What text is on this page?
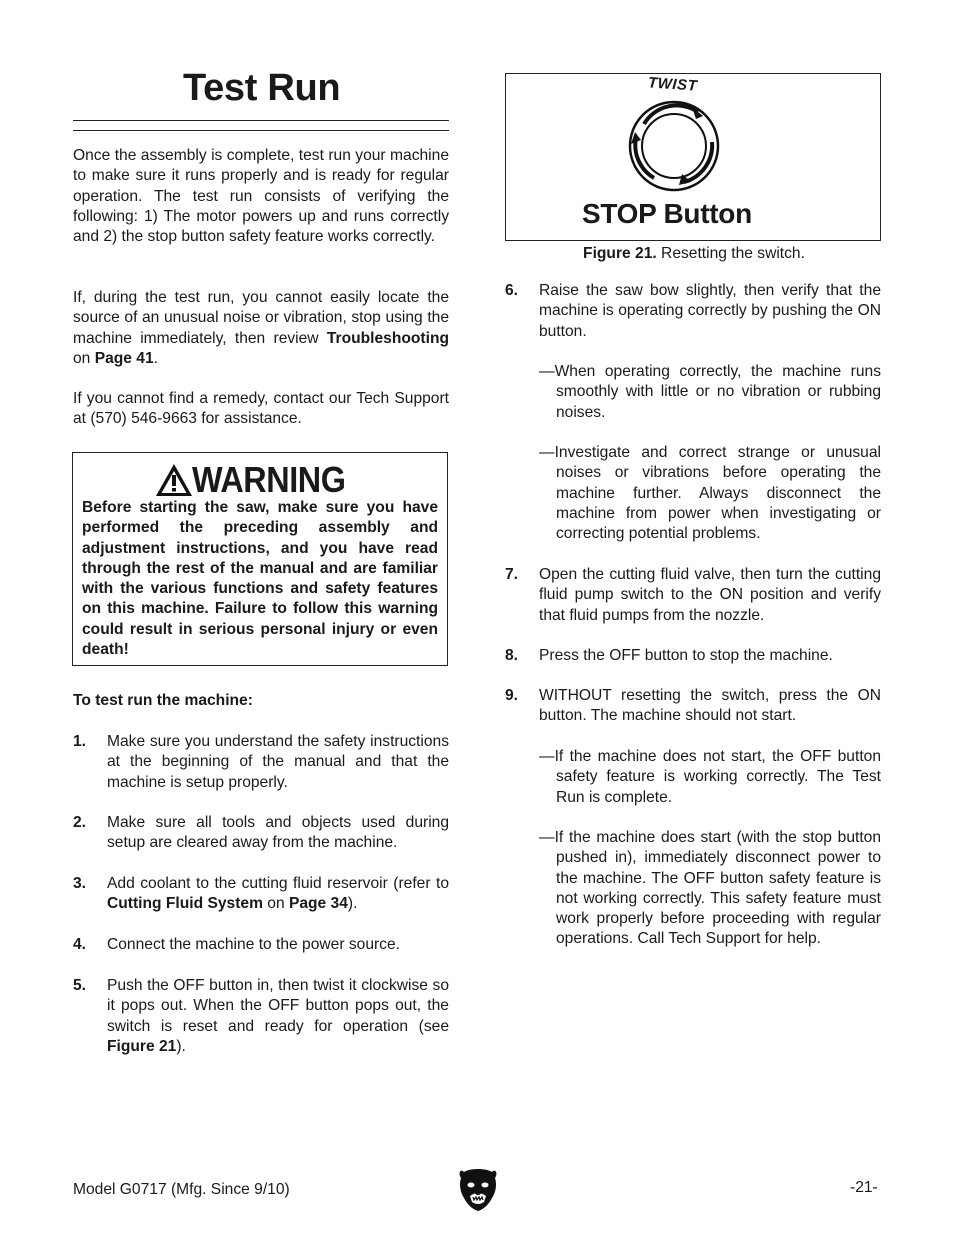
Test Run
Once the assembly is complete, test run your machine to make sure it runs properly and is ready for regular operation. The test run consists of verifying the following: 1) The motor powers up and runs correctly and 2) the stop button safety feature works correctly.
If, during the test run, you cannot easily locate the source of an unusual noise or vibration, stop using the machine immediately, then review Troubleshooting on Page 41.
If you cannot find a remedy, contact our Tech Support at (570) 546-9663 for assistance.
WARNING
Before starting the saw, make sure you have performed the preceding assembly and adjustment instructions, and you have read through the rest of the manual and are familiar with the various functions and safety features on this machine. Failure to follow this warning could result in serious personal injury or even death!
To test run the machine:
1. Make sure you understand the safety instructions at the beginning of the manual and that the machine is setup properly.
2. Make sure all tools and objects used during setup are cleared away from the machine.
3. Add coolant to the cutting fluid reservoir (refer to Cutting Fluid System on Page 34).
4. Connect the machine to the power source.
5. Push the OFF button in, then twist it clockwise so it pops out. When the OFF button pops out, the switch is reset and ready for operation (see Figure 21).
TWIST
STOP Button
Figure 21. Resetting the switch.
6. Raise the saw bow slightly, then verify that the machine is operating correctly by pushing the ON button.
—When operating correctly, the machine runs smoothly with little or no vibration or rubbing noises.
—Investigate and correct strange or unusual noises or vibrations before operating the machine further. Always disconnect the machine from power when investigating or correcting potential problems.
7. Open the cutting fluid valve, then turn the cutting fluid pump switch to the ON position and verify that fluid pumps from the nozzle.
8. Press the OFF button to stop the machine.
9. WITHOUT resetting the switch, press the ON button. The machine should not start.
—If the machine does not start, the OFF button safety feature is working correctly. The Test Run is complete.
—If the machine does start (with the stop button pushed in), immediately disconnect power to the machine. The OFF button safety feature is not working correctly. This safety feature must work properly before proceeding with regular operations. Call Tech Support for help.
Model G0717 (Mfg. Since 9/10)	-21-
